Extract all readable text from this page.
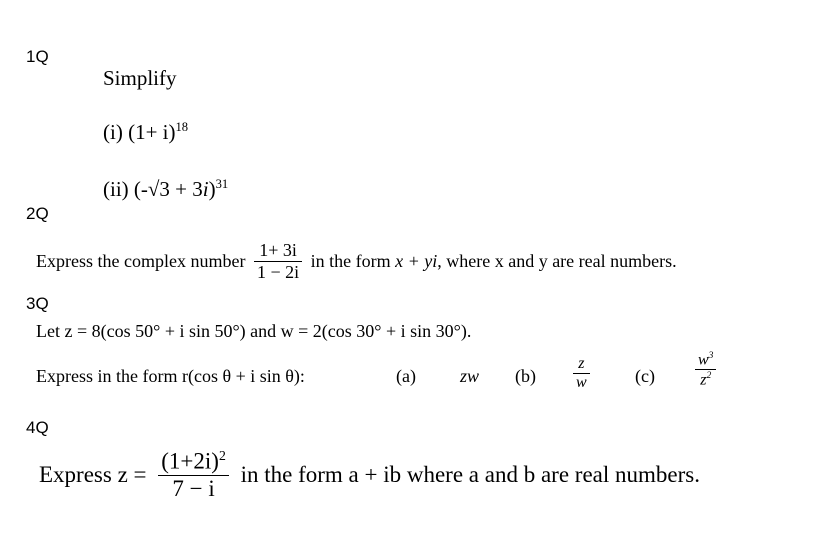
1Q
Simplify
(i) $(1+ i)^{18}$
(ii) $(-√3 + 3i)^{31}$
2Q
Express the complex number $\frac{1+ 3i}{1 - 2i}$ in the form x + yi, where x and y are real numbers.
3Q
Let z = 8(cos 50° + i sin 50°) and w = 2(cos 30° + i sin 30°).
Express in the form r(cos θ + i sin θ):	(a) zw $(b) \frac{z}{w}$	(c)	$\frac{w^3}{z^2}$
4Q
Express $z = \frac{(1+2i)^2}{7 - i}$ in the form a + ib where a and b are real numbers.
